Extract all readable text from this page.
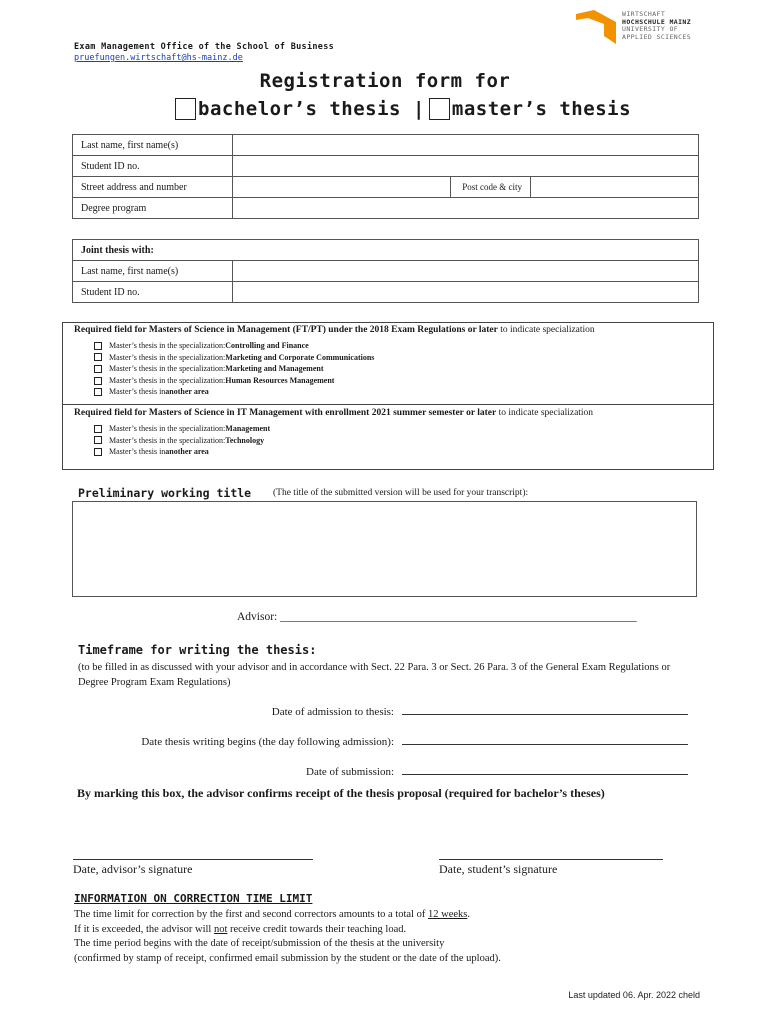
Exam Management Office of the School of Business
pruefungen.wirtschaft@hs-mainz.de
WIRTSCHAFT
HOCHSCHULE MAINZ
UNIVERSITY OF
APPLIED SCIENCES
Registration form for
bachelor’s thesis | master’s thesis
Last name, first name(s)			
Student ID no.			
Street address and number		Post code & city	
Degree program			
Joint thesis with:	
Last name, first name(s)	
Student ID no.	
Required field for Masters of Science in Management (FT/PT) under the 2018 Exam Regulations or later to indicate specialization
Master’s thesis in the specialization: Controlling and Finance
Master’s thesis in the specialization: Marketing and Corporate Communications
Master’s thesis in the specialization: Marketing and Management
Master’s thesis in the specialization: Human Resources Management
Master’s thesis in another area
Required field for Masters of Science in IT Management with enrollment 2021 summer semester or later to indicate specialization
Master’s thesis in the specialization: Management
Master’s thesis in the specialization: Technology
Master’s thesis in another area
Preliminary working title (The title of the submitted version will be used for your transcript):
Advisor: ______________________________________________________________
Timeframe for writing the thesis:
(to be filled in as discussed with your advisor and in accordance with Sect. 22 Para. 3 or Sect. 26 Para. 3 of the General Exam Regulations or Degree Program Exam Regulations)
Date of admission to thesis:
Date thesis writing begins (the day following admission):
Date of submission:
By marking this box, the advisor confirms receipt of the thesis proposal (required for bachelor’s theses)
Date, advisor’s signature	Date, student’s signature
INFORMATION ON CORRECTION TIME LIMIT
The time limit for correction by the first and second correctors amounts to a total of 12 weeks.
If it is exceeded, the advisor will not receive credit towards their teaching load.
The time period begins with the date of receipt/submission of the thesis at the university
(confirmed by stamp of receipt, confirmed email submission by the student or the date of the upload).
Last updated 06. Apr. 2022 cheld
